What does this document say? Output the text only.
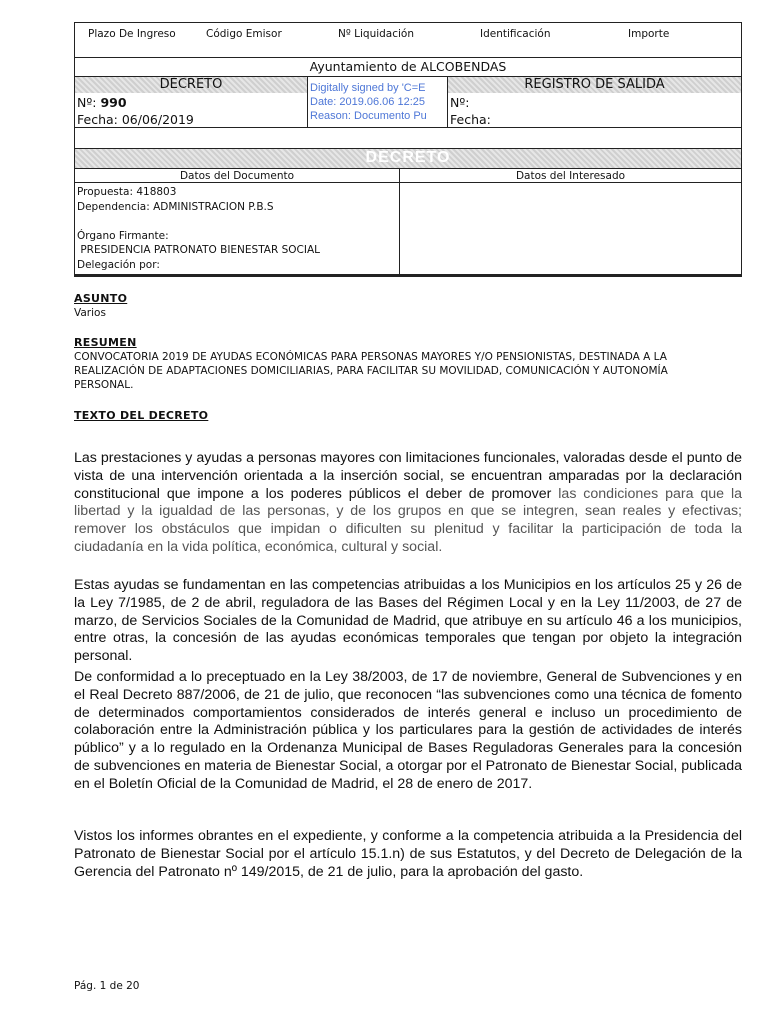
Plazo De Ingreso	Código Emisor	Nº Liquidación	Identificación	Importe
Ayuntamiento de ALCOBENDAS
DECRETO
Nº: 990
Fecha: 06/06/2019
Digitally signed by 'C=E
Date: 2019.06.06 12:25
Reason: Documento Pu
REGISTRO DE SALIDA
Nº:
Fecha:
DECRETO
Datos del Documento	Datos del Interesado
Propuesta: 418803
Dependencia: ADMINISTRACION P.B.S
Órgano Firmante:
PRESIDENCIA PATRONATO BIENESTAR SOCIAL
Delegación por:
ASUNTO
Varios
RESUMEN
CONVOCATORIA 2019 DE AYUDAS ECONÓMICAS PARA PERSONAS MAYORES Y/O PENSIONISTAS, DESTINADA A LA REALIZACIÓN DE ADAPTACIONES DOMICILIARIAS, PARA FACILITAR SU MOVILIDAD, COMUNICACIÓN Y AUTONOMÍA PERSONAL.
TEXTO DEL DECRETO
Las prestaciones y ayudas a personas mayores con limitaciones funcionales, valoradas desde el punto de vista de una intervención orientada a la inserción social, se encuentran amparadas por la declaración constitucional que impone a los poderes públicos el deber de promover las condiciones para que la libertad y la igualdad de las personas, y de los grupos en que se integren, sean reales y efectivas; remover los obstáculos que impidan o dificulten su plenitud y facilitar la participación de toda la ciudadanía en la vida política, económica, cultural y social.
Estas ayudas se fundamentan en las competencias atribuidas a los Municipios en los artículos 25 y 26 de la Ley 7/1985, de 2 de abril, reguladora de las Bases del Régimen Local y en la Ley 11/2003, de 27 de marzo, de Servicios Sociales de la Comunidad de Madrid, que atribuye en su artículo 46 a los municipios, entre otras, la concesión de las ayudas económicas temporales que tengan por objeto la integración personal.
De conformidad a lo preceptuado en la Ley 38/2003, de 17 de noviembre, General de Subvenciones y en el Real Decreto 887/2006, de 21 de julio, que reconocen “las subvenciones como una técnica de fomento de determinados comportamientos considerados de interés general e incluso un procedimiento de colaboración entre la Administración pública y los particulares para la gestión de actividades de interés público” y a lo regulado en la Ordenanza Municipal de Bases Reguladoras Generales para la concesión de subvenciones en materia de Bienestar Social, a otorgar por el Patronato de Bienestar Social, publicada en el Boletín Oficial de la Comunidad de Madrid, el 28 de enero de 2017.
Vistos los informes obrantes en el expediente, y conforme a la competencia atribuida a la Presidencia del Patronato de Bienestar Social por el artículo 15.1.n) de sus Estatutos, y del Decreto de Delegación de la Gerencia del Patronato nº 149/2015, de 21 de julio, para la aprobación del gasto.
Pág. 1 de 20
